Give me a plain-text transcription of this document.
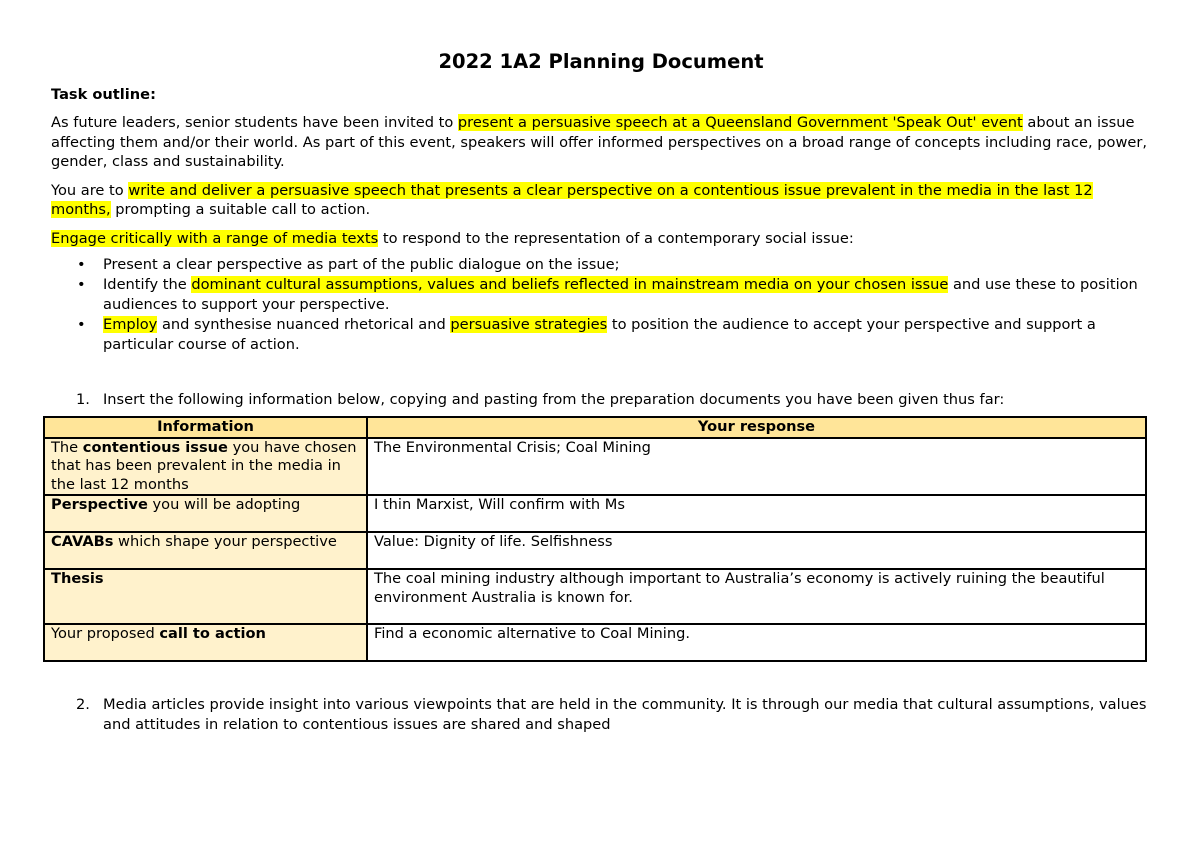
2022 1A2 Planning Document
Task outline:

As future leaders, senior students have been invited to present a persuasive speech at a Queensland Government 'Speak Out' event about an issue affecting them and/or their world. As part of this event, speakers will offer informed perspectives on a broad range of concepts including race, power, gender, class and sustainability.

You are to write and deliver a persuasive speech that presents a clear perspective on a contentious issue prevalent in the media in the last 12 months, prompting a suitable call to action.

Engage critically with a range of media texts to respond to the representation of a contemporary social issue:

• Present a clear perspective as part of the public dialogue on the issue;
• Identify the dominant cultural assumptions, values and beliefs reflected in mainstream media on your chosen issue and use these to position audiences to support your perspective.
• Employ and synthesise nuanced rhetorical and persuasive strategies to position the audience to accept your perspective and support a particular course of action.
1. Insert the following information below, copying and pasting from the preparation documents you have been given thus far:
Information	Your response
The contentious issue you have chosen that has been prevalent in the media in the last 12 months	The Environmental Crisis; Coal Mining
Perspective you will be adopting	I thin Marxist, Will confirm with Ms
CAVABs which shape your perspective	Value: Dignity of life. Selfishness
Thesis	The coal mining industry although important to Australia’s economy is actively ruining the beautiful environment Australia is known for.
Your proposed call to action	Find a economic alternative to Coal Mining.
2. Media articles provide insight into various viewpoints that are held in the community. It is through our media that cultural assumptions, values and attitudes in relation to contentious issues are shared and shaped
